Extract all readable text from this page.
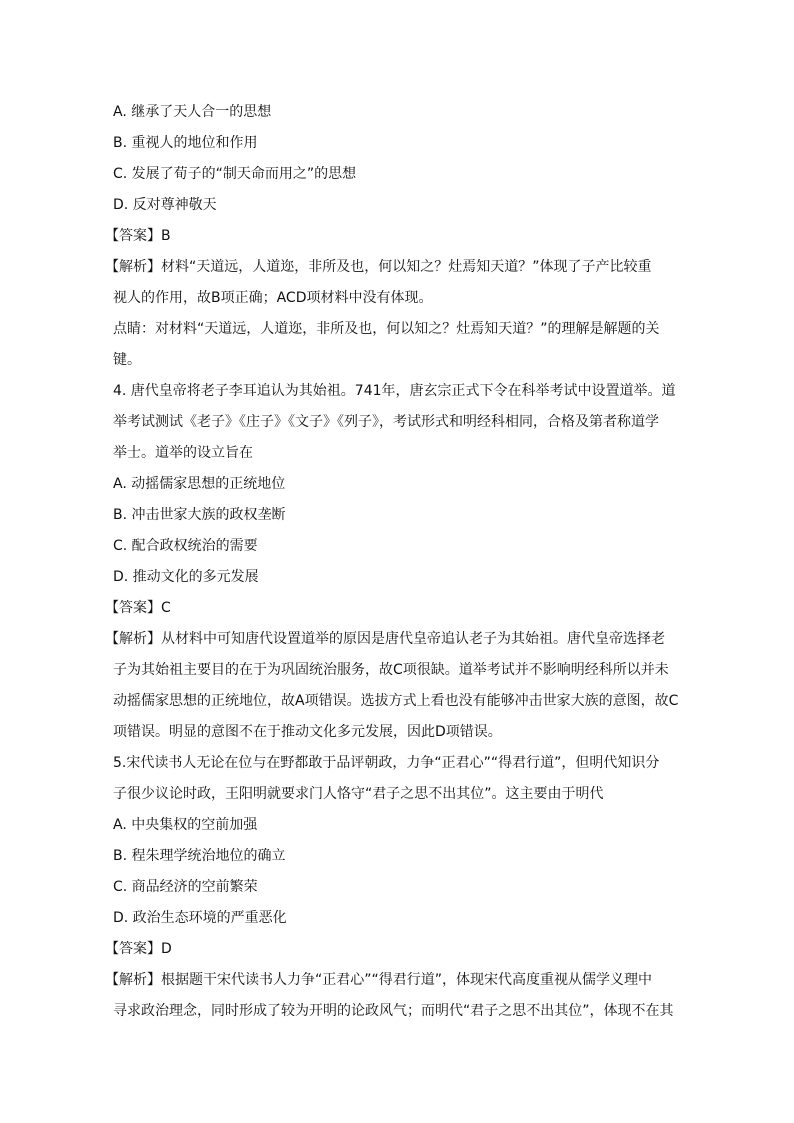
A. 继承了天人合一的思想
B. 重视人的地位和作用
C. 发展了荀子的“制天命而用之”的思想
D. 反对尊神敬天
【答案】B
【解析】材料“天道远，人道迩，非所及也，何以知之？灶焉知天道？”体现了子产比较重
视人的作用，故B项正确；ACD项材料中没有体现。
点睛：对材料“天道远，人道迩，非所及也，何以知之？灶焉知天道？”的理解是解题的关
键。
4. 唐代皇帝将老子李耳追认为其始祖。741年，唐玄宗正式下令在科举考试中设置道举。道
举考试测试《老子》《庄子》《文子》《列子》，考试形式和明经科相同，合格及第者称道学
举士。道举的设立旨在
A. 动摇儒家思想的正统地位
B. 冲击世家大族的政权垄断
C. 配合政权统治的需要
D. 推动文化的多元发展
【答案】C
【解析】从材料中可知唐代设置道举的原因是唐代皇帝追认老子为其始祖。唐代皇帝选择老
子为其始祖主要目的在于为巩固统治服务，故C项很缺。道举考试并不影响明经科所以并未
动摇儒家思想的正统地位，故A项错误。选拔方式上看也没有能够冲击世家大族的意图，故C
项错误。明显的意图不在于推动文化多元发展，因此D项错误。
5.宋代读书人无论在位与在野都敢于品评朝政，力争“正君心”“得君行道”，但明代知识分
子很少议论时政，王阳明就要求门人恪守“君子之思不出其位”。这主要由于明代
A. 中央集权的空前加强
B. 程朱理学统治地位的确立
C. 商品经济的空前繁荣
D. 政治生态环境的严重恶化
【答案】D
【解析】根据题干宋代读书人力争“正君心”“得君行道”，体现宋代高度重视从儒学义理中
寻求政治理念，同时形成了较为开明的论政风气；而明代“君子之思不出其位”，体现不在其
